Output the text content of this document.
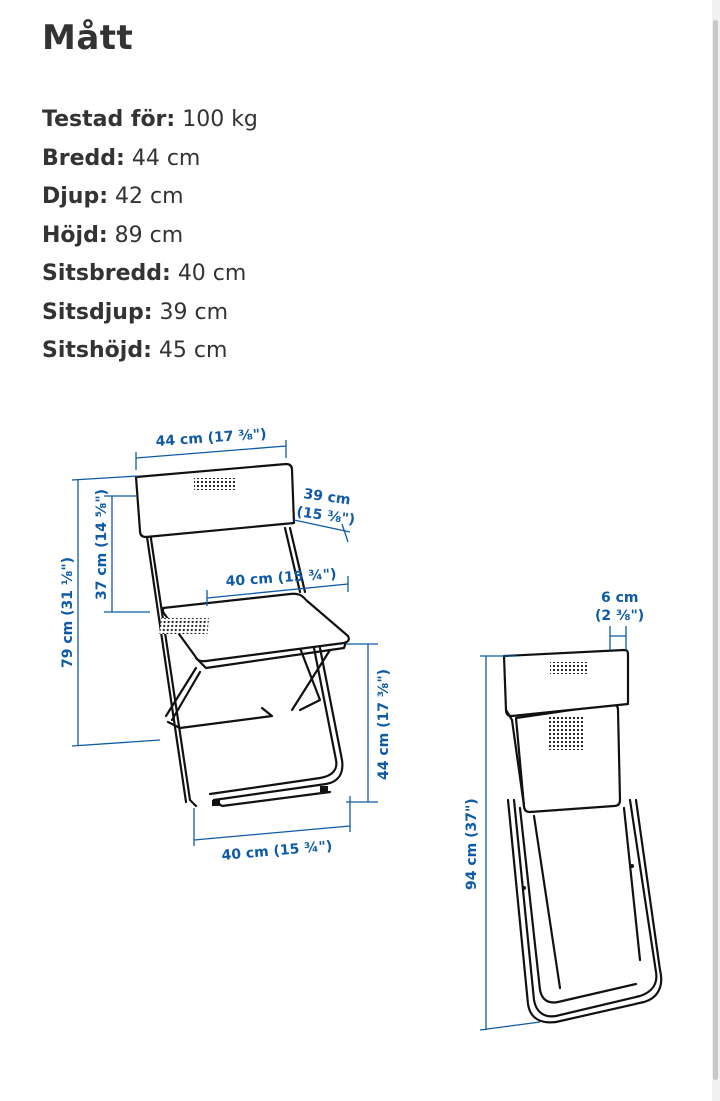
Mått
Testad för: 100 kg
Bredd: 44 cm
Djup: 42 cm
Höjd: 89 cm
Sitsbredd: 40 cm
Sitsdjup: 39 cm
Sitshöjd: 45 cm
44 cm (17 ⅜")
39 cm
(15 ⅜")
40 cm (15 ¾")
37 cm (14 ⅝")
79 cm (31 ⅛")
44 cm (17 ⅜")
40 cm (15 ¾")
6 cm
(2 ⅜")
94 cm (37")
